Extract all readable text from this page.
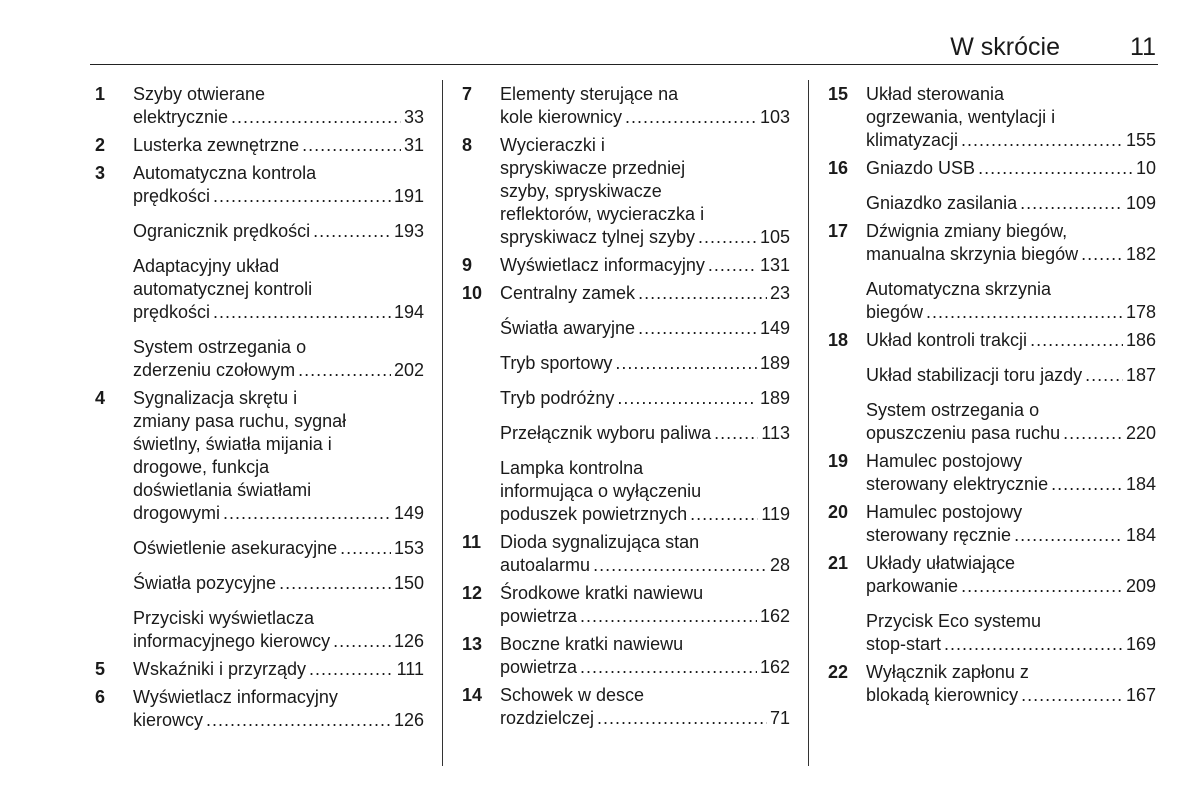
W skrócie	11
1 Szyby otwierane
elektrycznie .....	33
2 Lusterka zewnętrzne .....	31
3 Automatyczna kontrola
prędkości .....	191
Ogranicznik prędkości .....	193
Adaptacyjny układ
automatycznej kontroli
prędkości .....	194
System ostrzegania o
zderzeniu czołowym .....	202
4 Sygnalizacja skrętu i
zmiany pasa ruchu, sygnał
świetlny, światła mijania i
drogowe, funkcja
doświetlania światłami
drogowymi .....	149
Oświetlenie asekuracyjne .....	153
Światła pozycyjne .....	150
Przyciski wyświetlacza
informacyjnego kierowcy .....	126
5 Wskaźniki i przyrządy .....	111
6 Wyświetlacz informacyjny
kierowcy .....	126
7 Elementy sterujące na
kole kierownicy .....	103
8 Wycieraczki i
spryskiwacze przedniej
szyby, spryskiwacze
reflektorów, wycieraczka i
spryskiwacz tylnej szyby .....	105
9 Wyświetlacz informacyjny .....	131
10 Centralny zamek .....	23
Światła awaryjne .....	149
Tryb sportowy .....	189
Tryb podróżny .....	189
Przełącznik wyboru paliwa .....	113
Lampka kontrolna
informująca o wyłączeniu
poduszek powietrznych .....	119
11 Dioda sygnalizująca stan
autoalarmu .....	28
12 Środkowe kratki nawiewu
powietrza .....	162
13 Boczne kratki nawiewu
powietrza .....	162
14 Schowek w desce
rozdzielczej .....	71
15 Układ sterowania
ogrzewania, wentylacji i
klimatyzacji .....	155
16 Gniazdo USB .....	10
Gniazdko zasilania .....	109
17 Dźwignia zmiany biegów,
manualna skrzynia biegów .....	182
Automatyczna skrzynia
biegów .....	178
18 Układ kontroli trakcji .....	186
Układ stabilizacji toru jazdy ..... 187
System ostrzegania o
opuszczeniu pasa ruchu .....	220
19 Hamulec postojowy
sterowany elektrycznie .....	184
20 Hamulec postojowy
sterowany ręcznie .....	184
21 Układy ułatwiające
parkowanie .....	209
Przycisk Eco systemu
stop-start .....	169
22 Wyłącznik zapłonu z
blokadą kierownicy .....	167
